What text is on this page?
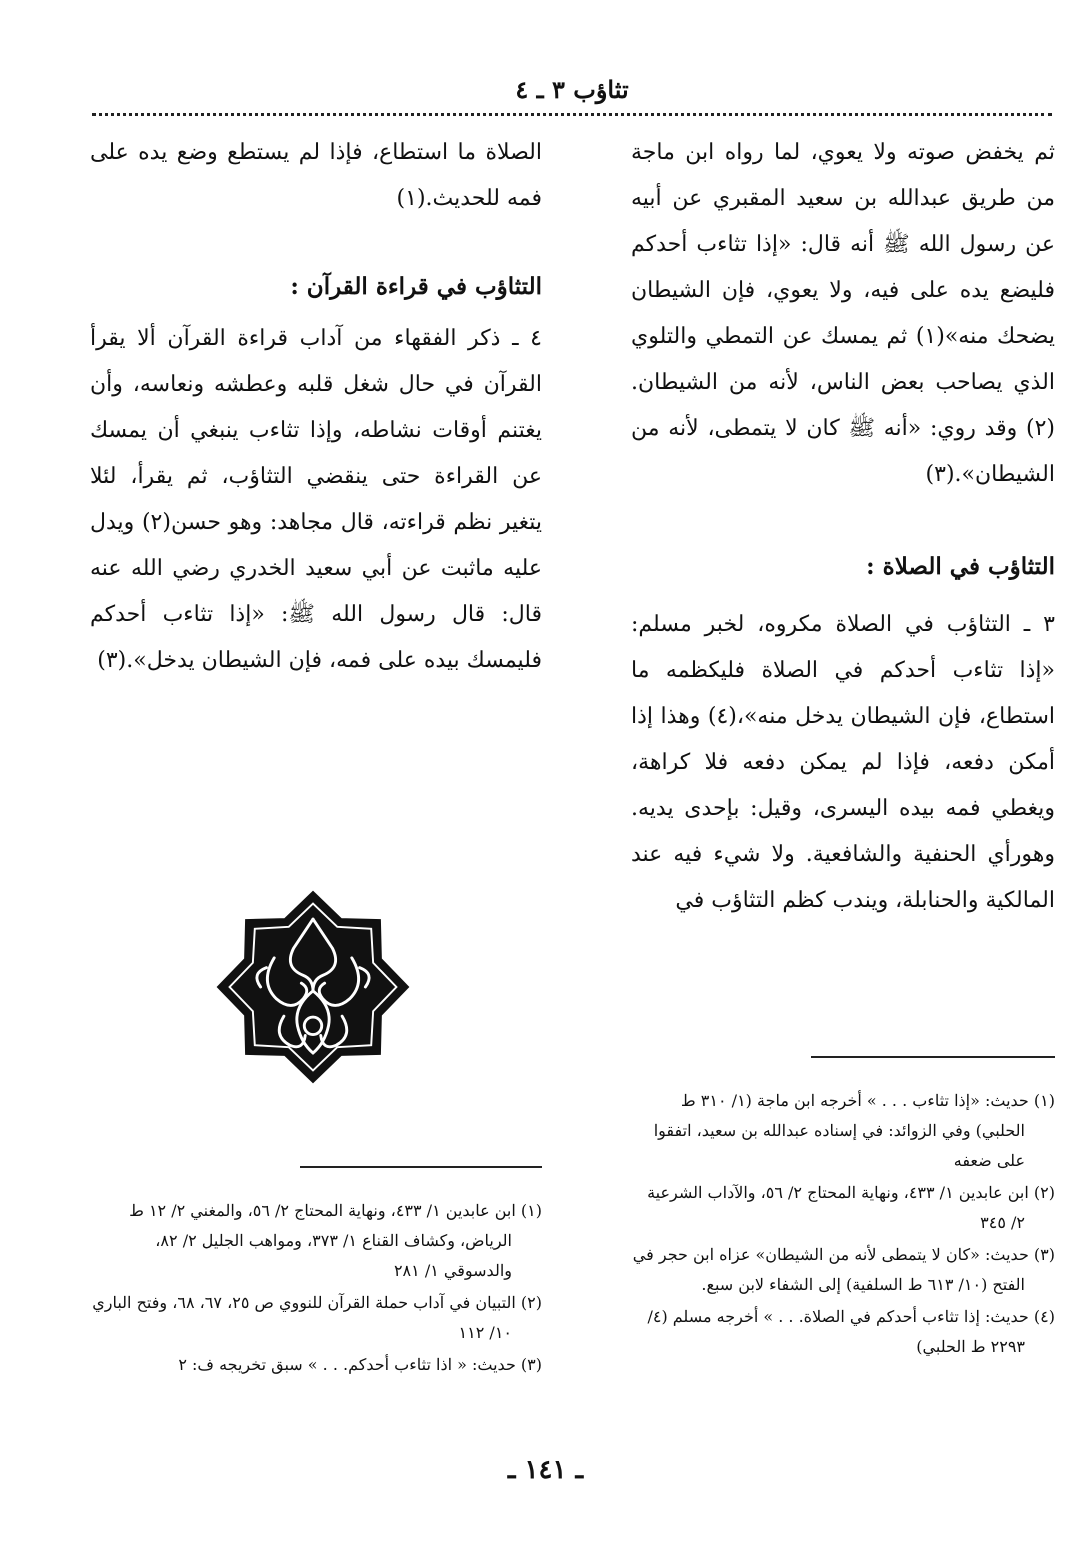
تثاؤب ٣ ـ ٤

ثم يخفض صوته ولا يعوي، لما رواه ابن ماجة من طريق عبدالله بن سعيد المقبري عن أبيه عن رسول الله ﷺ أنه قال: «إذا تثاءب أحدكم فليضع يده على فيه، ولا يعوي، فإن الشيطان يضحك منه»(١) ثم يمسك عن التمطي والتلوي الذي يصاحب بعض الناس، لأنه من الشيطان.(٢) وقد روي: «أنه ﷺ كان لا يتمطى، لأنه من الشيطان».(٣)

التثاؤب في الصلاة :

٣ ـ التثاؤب في الصلاة مكروه، لخبر مسلم: «إذا تثاءب أحدكم في الصلاة فليكظمه ما استطاع، فإن الشيطان يدخل منه»،(٤) وهذا إذا أمكن دفعه، فإذا لم يمكن دفعه فلا كراهة، ويغطي فمه بيده اليسرى، وقيل: بإحدى يديه. وهورأي الحنفية والشافعية. ولا شيء فيه عند المالكية والحنابلة، ويندب كظم التثاؤب في

الصلاة ما استطاع، فإذا لم يستطع وضع يده على فمه للحديث.(١)

التثاؤب في قراءة القرآن :

٤ ـ ذكر الفقهاء من آداب قراءة القرآن ألا يقرأ القرآن في حال شغل قلبه وعطشه ونعاسه، وأن يغتنم أوقات نشاطه، وإذا تثاءب ينبغي أن يمسك عن القراءة حتى ينقضي التثاؤب، ثم يقرأ، لئلا يتغير نظم قراءته، قال مجاهد: وهو حسن(٢) ويدل عليه ماثبت عن أبي سعيد الخدري رضي الله عنه قال: قال رسول الله ﷺ: «إذا تثاءب أحدكم فليمسك بيده على فمه، فإن الشيطان يدخل».(٣)

(١) حديث: «إذا تثاءب . . . » أخرجه ابن ماجة (١/ ٣١٠ ط الحلبي) وفي الزوائد: في إسناده عبدالله بن سعيد، اتفقوا على ضعفه

(٢) ابن عابدين ١/ ٤٣٣، ونهاية المحتاج ٢/ ٥٦، والآداب الشرعية ٢/ ٣٤٥

(٣) حديث: «كان لا يتمطى لأنه من الشيطان» عزاه ابن حجر في الفتح (١٠/ ٦١٣ ط السلفية) إلى الشفاء لابن سبع.

(٤) حديث: إذا تثاءب أحدكم في الصلاة. . . » أخرجه مسلم (٤/ ٢٢٩٣ ط الحلبي)

(١) ابن عابدين ١/ ٤٣٣، ونهاية المحتاج ٢/ ٥٦، والمغني ٢/ ١٢ ط الرياض، وكشاف القناع ١/ ٣٧٣، ومواهب الجليل ٢/ ٨٢، والدسوقي ١/ ٢٨١

(٢) التبيان في آداب حملة القرآن للنووي ص ٢٥، ٦٧، ٦٨، وفتح الباري ١٠/ ١١٢

(٣) حديث: « اذا تثاءب أحدكم. . . » سبق تخريجه ف: ٢

ـ ١٤١ ـ
